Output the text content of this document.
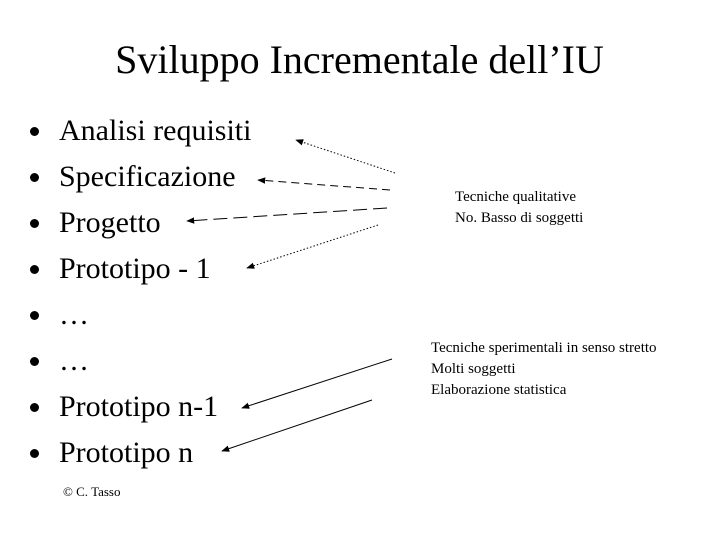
Sviluppo Incrementale dell’IU
Analisi requisiti
Specificazione
Progetto
Prototipo - 1
…
…
Prototipo n-1
Prototipo n
Tecniche qualitative
No. Basso di soggetti
Tecniche sperimentali in senso stretto
Molti soggetti
Elaborazione statistica
© C. Tasso
